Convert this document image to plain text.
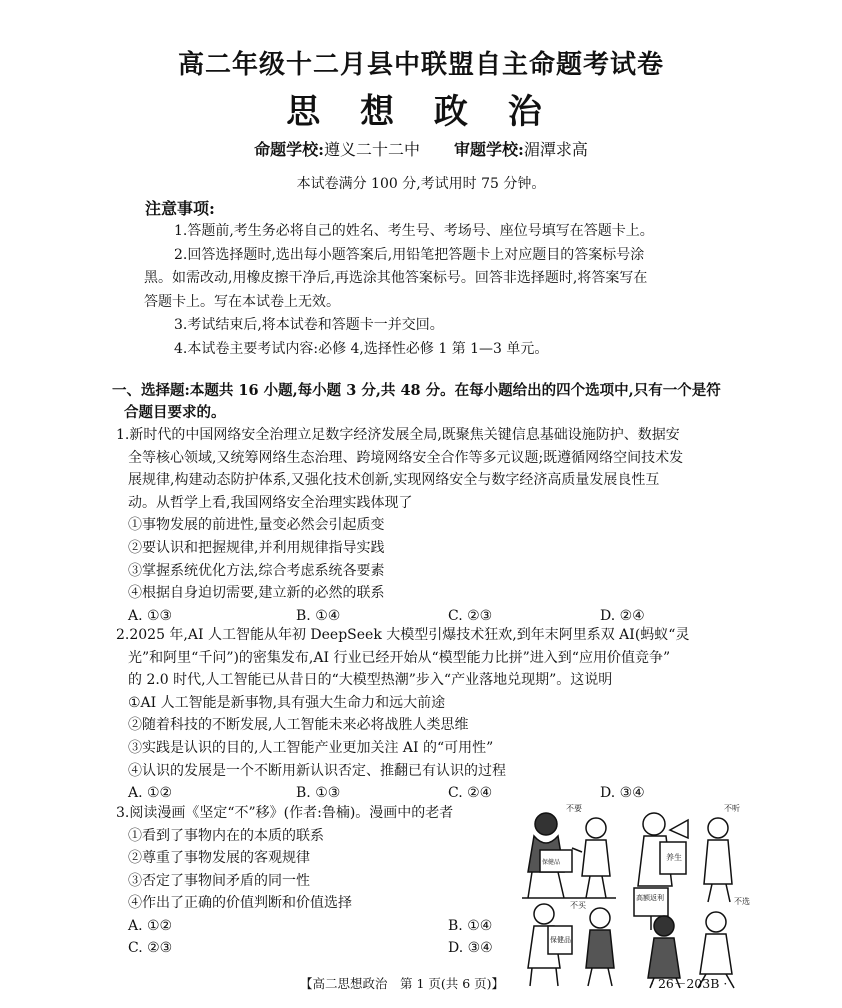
高二年级十二月县中联盟自主命题考试卷
思 想 政 治
命题学校:遵义二十二中 审题学校:湄潭求高
本试卷满分 100 分,考试用时 75 分钟。
注意事项:

1.答题前,考生务必将自己的姓名、考生号、考场号、座位号填写在答题卡上。

2.回答选择题时,选出每小题答案后,用铅笔把答题卡上对应题目的答案标号涂

黑。如需改动,用橡皮擦干净后,再选涂其他答案标号。回答非选择题时,将答案写在

答题卡上。写在本试卷上无效。

3.考试结束后,将本试卷和答题卡一并交回。

4.本试卷主要考试内容:必修 4,选择性必修 1 第 1—3 单元。

一、选择题:本题共 16 小题,每小题 3 分,共 48 分。在每小题给出的四个选项中,只有一个是符
合题目要求的。

1.新时代的中国网络安全治理立足数字经济发展全局,既聚焦关键信息基础设施防护、数据安

全等核心领域,又统筹网络生态治理、跨境网络安全合作等多元议题;既遵循网络空间技术发

展规律,构建动态防护体系,又强化技术创新,实现网络安全与数字经济高质量发展良性互

动。从哲学上看,我国网络安全治理实践体现了

①事物发展的前进性,量变必然会引起质变

②要认识和把握规律,并利用规律指导实践

③掌握系统优化方法,综合考虑系统各要素

④根据自身迫切需要,建立新的必然的联系

A. ①③	B. ①④	C. ②③	D. ②④

2.2025 年,AI 人工智能从年初 DeepSeek 大模型引爆技术狂欢,到年末阿里系双 AI(蚂蚁“灵

光”和阿里“千问”)的密集发布,AI 行业已经开始从“模型能力比拼”进入到“应用价值竞争”

的 2.0 时代,人工智能已从昔日的“大模型热潮”步入“产业落地兑现期”。这说明

①AI 人工智能是新事物,具有强大生命力和远大前途

②随着科技的不断发展,人工智能未来必将战胜人类思维

③实践是认识的目的,人工智能产业更加关注 AI 的“可用性”

④认识的发展是一个不断用新认识否定、推翻已有认识的过程

A. ①②	B. ①③	C. ②④	D. ③④

3.阅读漫画《坚定“不”移》(作者:鲁楠)。漫画中的老者

①看到了事物内在的本质的联系

②尊重了事物发展的客观规律

③否定了事物间矛盾的同一性

④作出了正确的价值判断和价值选择

A. ①②	B. ①④
C. ②③	D. ③④
不要
保健品
不听
养生
不买
保健品
高额返利	不选
【高二思想政治　第 1 页(共 6 页)】	· 26－203B ·
